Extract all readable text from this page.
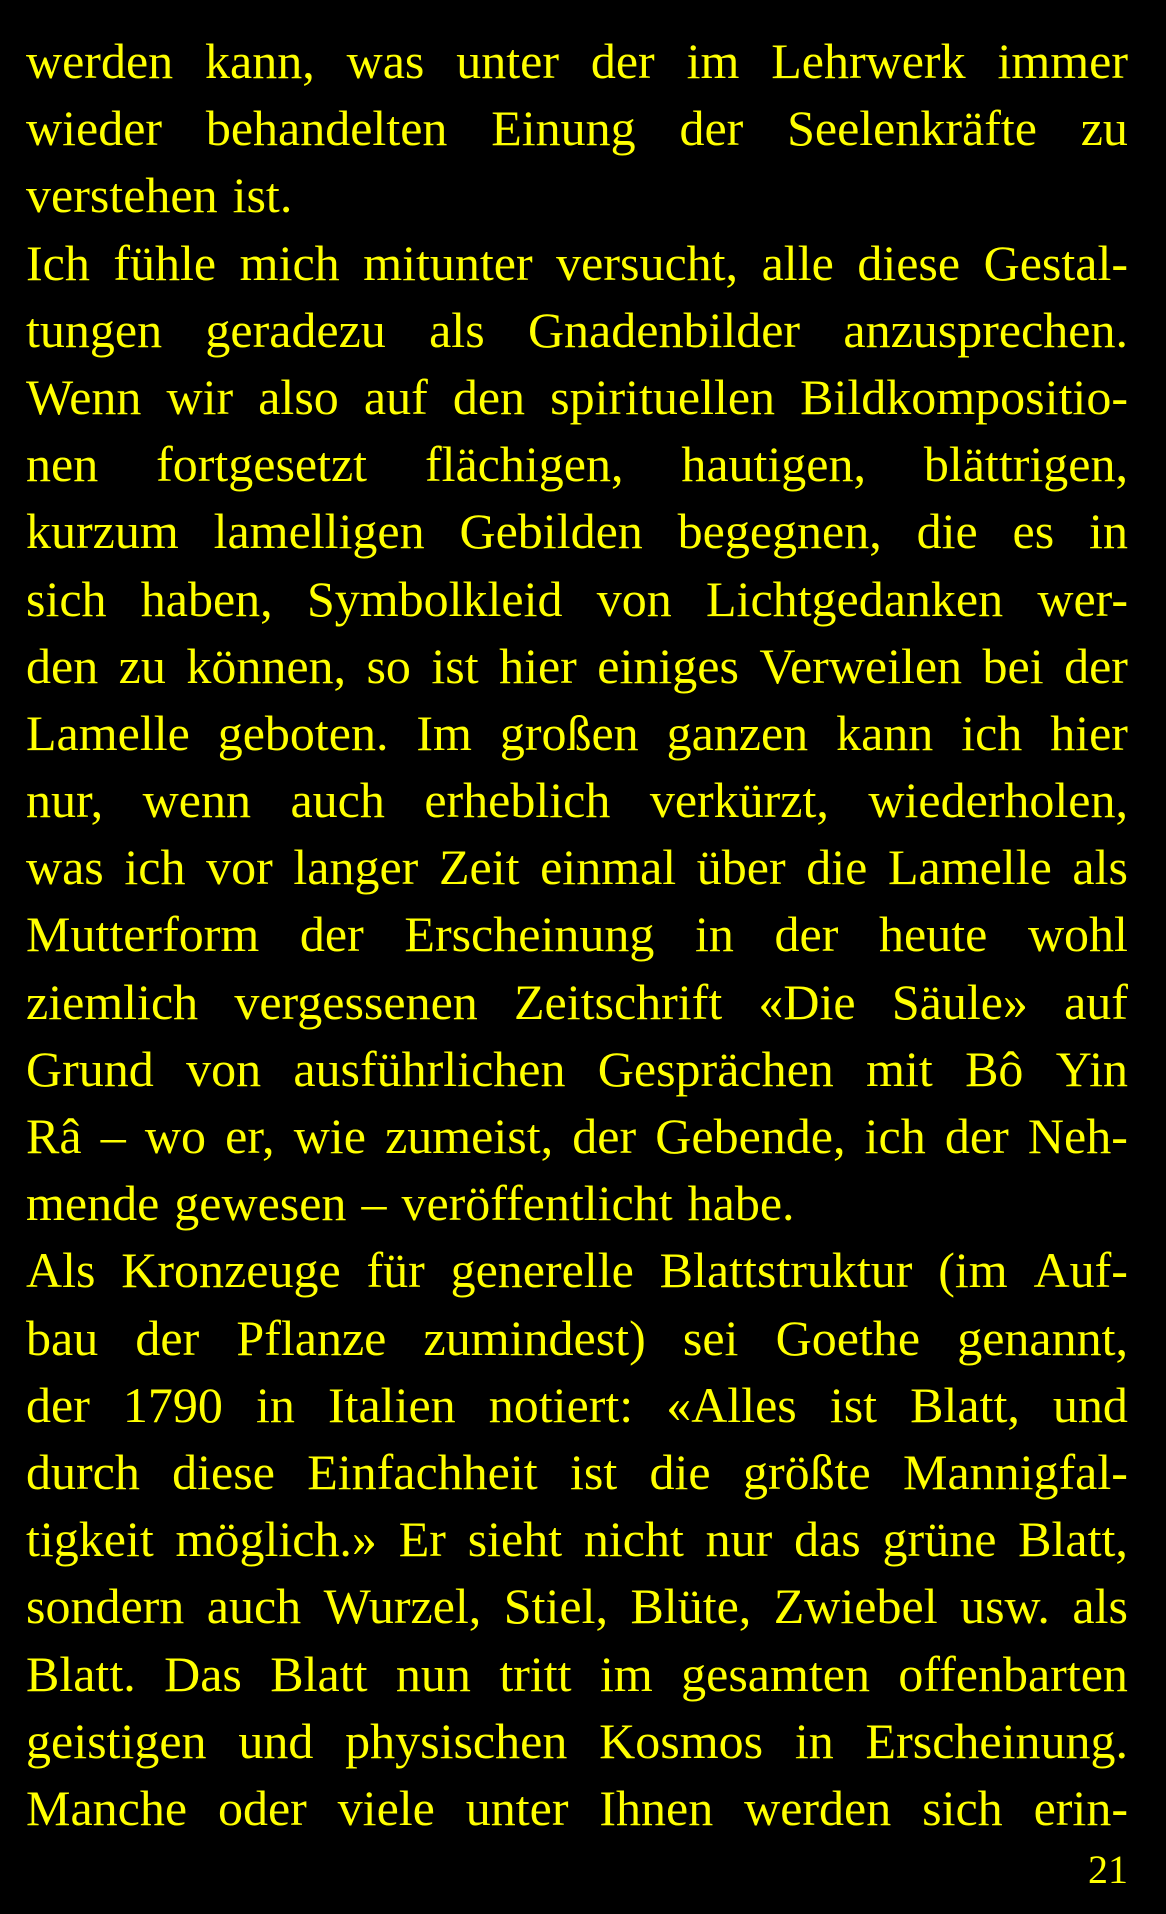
werden kann, was unter der im Lehrwerk immer
wieder behandelten Einung der Seelenkräfte zu
verstehen ist.
Ich fühle mich mitunter versucht, alle diese Gestal-
tungen geradezu als Gnadenbilder anzusprechen.
Wenn wir also auf den spirituellen Bildkompositio-
nen fortgesetzt flächigen, hautigen, blättrigen,
kurzum lamelligen Gebilden begegnen, die es in
sich haben, Symbolkleid von Lichtgedanken wer-
den zu können, so ist hier einiges Verweilen bei der
Lamelle geboten. Im großen ganzen kann ich hier
nur, wenn auch erheblich verkürzt, wiederholen,
was ich vor langer Zeit einmal über die Lamelle als
Mutterform der Erscheinung in der heute wohl
ziemlich vergessenen Zeitschrift «Die Säule» auf
Grund von ausführlichen Gesprächen mit Bô Yin
Râ – wo er, wie zumeist, der Gebende, ich der Neh-
mende gewesen – veröffentlicht habe.
Als Kronzeuge für generelle Blattstruktur (im Auf-
bau der Pflanze zumindest) sei Goethe genannt,
der 1790 in Italien notiert: «Alles ist Blatt, und
durch diese Einfachheit ist die größte Mannigfal-
tigkeit möglich.» Er sieht nicht nur das grüne Blatt,
sondern auch Wurzel, Stiel, Blüte, Zwiebel usw. als
Blatt. Das Blatt nun tritt im gesamten offenbarten
geistigen und physischen Kosmos in Erscheinung.
Manche oder viele unter Ihnen werden sich erin-
21
